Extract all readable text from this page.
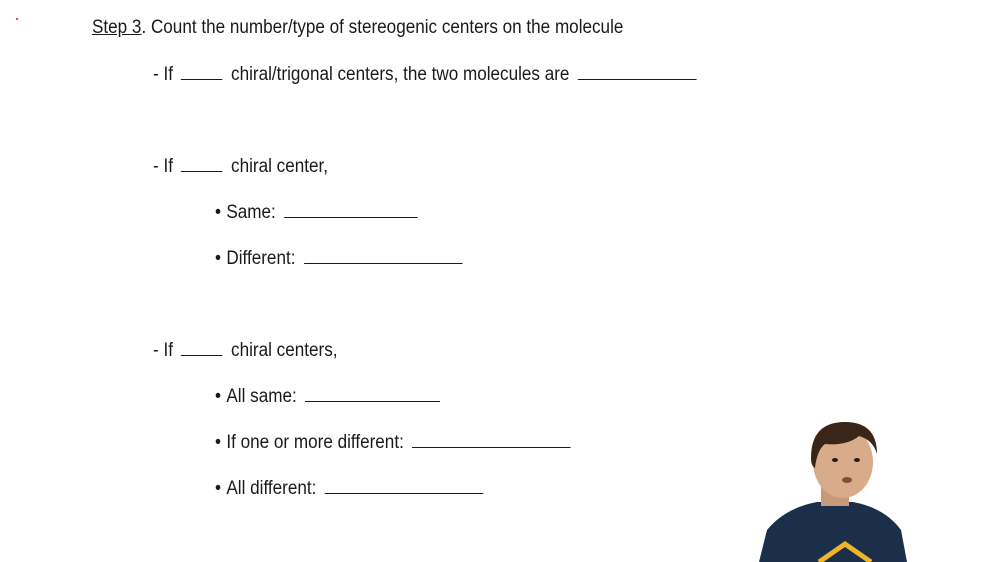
Step 3. Count the number/type of stereogenic centers on the molecule
- If	chiral/trigonal centers, the two molecules are
- If	chiral center,
• Same:
• Different:
- If	chiral centers,
• All same:
• If one or more different:
• All different:
